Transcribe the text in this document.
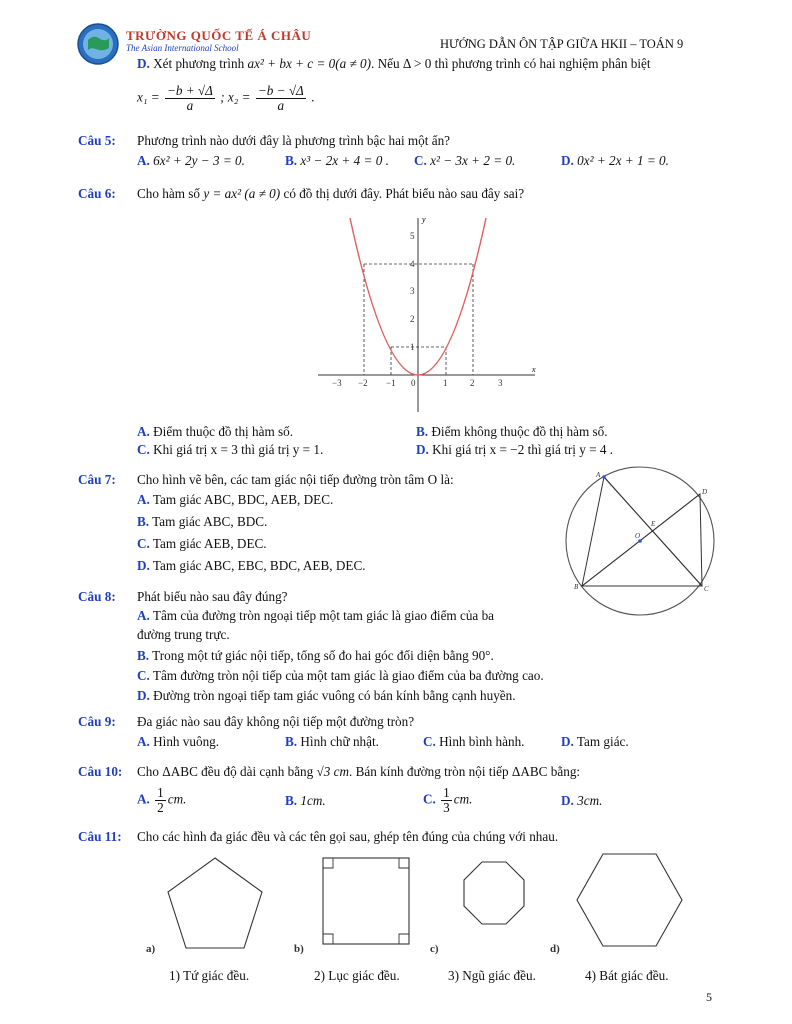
TRƯỜNG QUỐC TẾ Á CHÂU
The Asian International School	HƯỚNG DẪN ÔN TẬP GIỮA HKII – TOÁN 9
D. Xét phương trình ax² + bx + c = 0(a ≠ 0). Nếu Δ > 0 thì phương trình có hai nghiệm phân biệt
$x_1 = \frac{-b + √\Delta}{a}$ ; $x_2 = \frac{-b - √\Delta}{a}$ .
Câu 5: Phương trình nào dưới đây là phương trình bậc hai một ẩn?
A. 6x² + 2y − 3 = 0.	B. x³ − 2x + 4 = 0 . C. x² − 3x + 2 = 0.	D. 0x² + 2x + 1 = 0.
Câu 6: Cho hàm số y = ax² (a ≠ 0) có đồ thị dưới đây. Phát biểu nào sau đây sai?
x
y
−3 −2 −1 0	1	2	3
1
2
3
4
5
A. Điểm thuộc đồ thị hàm số.	B. Điểm không thuộc đồ thị hàm số.
C. Khi giá trị x = 3 thì giá trị y = 1.	D. Khi giá trị x = −2 thì giá trị y = 4 .
Câu 7: Cho hình vẽ bên, các tam giác nội tiếp đường tròn tâm O là:
A. Tam giác ABC, BDC, AEB, DEC.
B. Tam giác ABC, BDC.
C. Tam giác AEB, DEC.
D. Tam giác ABC, EBC, BDC, AEB, DEC.
A
B	C
D
E
O
Câu 8: Phát biểu nào sau đây đúng?
A. Tâm của đường tròn ngoại tiếp một tam giác là giao điểm của ba
đường trung trực.
B. Trong một tứ giác nội tiếp, tổng số đo hai góc đối diện bằng 90°.
C. Tâm đường tròn nội tiếp của một tam giác là giao điểm của ba đường cao.
D. Đường tròn ngoại tiếp tam giác vuông có bán kính bằng cạnh huyền.
Câu 9: Đa giác nào sau đây không nội tiếp một đường tròn?
A. Hình vuông.	B. Hình chữ nhật.	C. Hình bình hành.	D. Tam giác.
Câu 10: Cho ΔABC đều độ dài cạnh bằng √3 cm. Bán kính đường tròn nội tiếp ΔABC bằng:
A. $\frac{1}{2}$ cm.	B. 1cm.	C. $\frac{1}{3}$ cm.	D. 3cm.
Câu 11: Cho các hình đa giác đều và các tên gọi sau, ghép tên đúng của chúng với nhau.
a)	b)	c)	d)
1) Tứ giác đều.	2) Lục giác đều.	3) Ngũ giác đều.	4) Bát giác đều.
5
